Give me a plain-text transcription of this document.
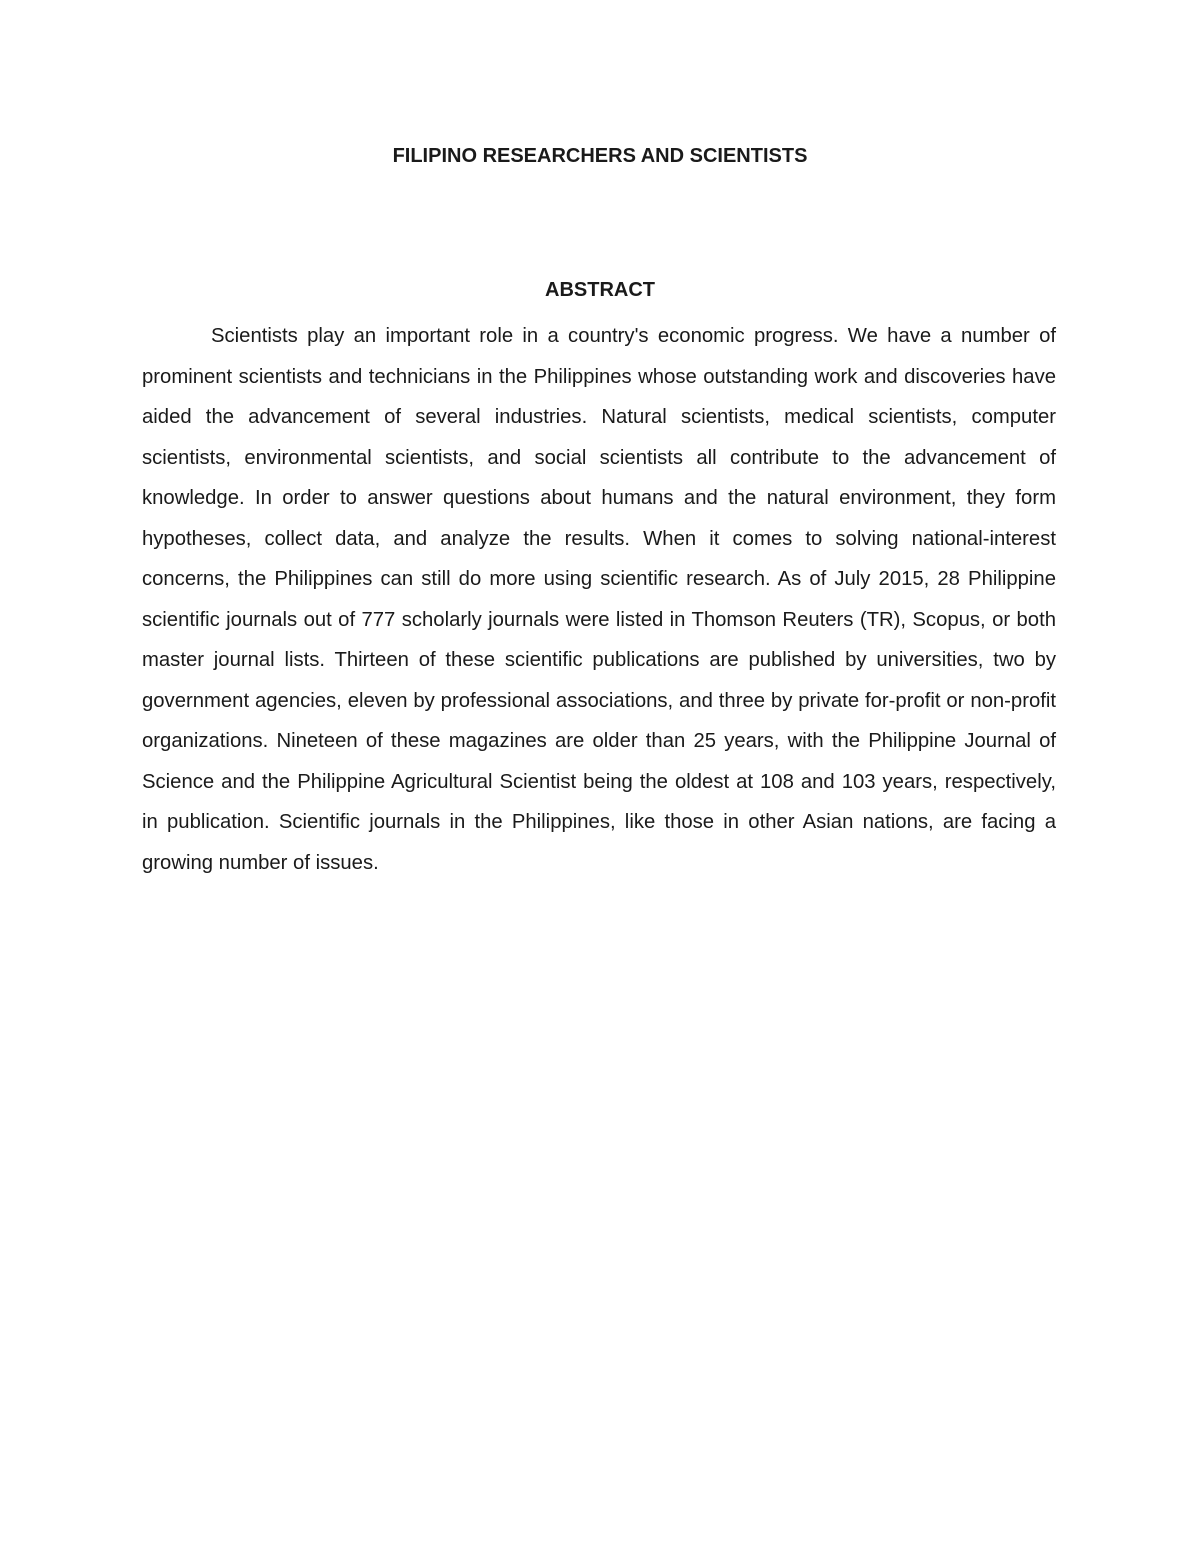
FILIPINO RESEARCHERS AND SCIENTISTS
ABSTRACT

Scientists play an important role in a country's economic progress. We have a number of prominent scientists and technicians in the Philippines whose outstanding work and discoveries have aided the advancement of several industries. Natural scientists, medical scientists, computer scientists, environmental scientists, and social scientists all contribute to the advancement of knowledge. In order to answer questions about humans and the natural environment, they form hypotheses, collect data, and analyze the results. When it comes to solving national-interest concerns, the Philippines can still do more using scientific research. As of July 2015, 28 Philippine scientific journals out of 777 scholarly journals were listed in Thomson Reuters (TR), Scopus, or both master journal lists. Thirteen of these scientific publications are published by universities, two by government agencies, eleven by professional associations, and three by private for-profit or non-profit organizations. Nineteen of these magazines are older than 25 years, with the Philippine Journal of Science and the Philippine Agricultural Scientist being the oldest at 108 and 103 years, respectively, in publication. Scientific journals in the Philippines, like those in other Asian nations, are facing a growing number of issues.
